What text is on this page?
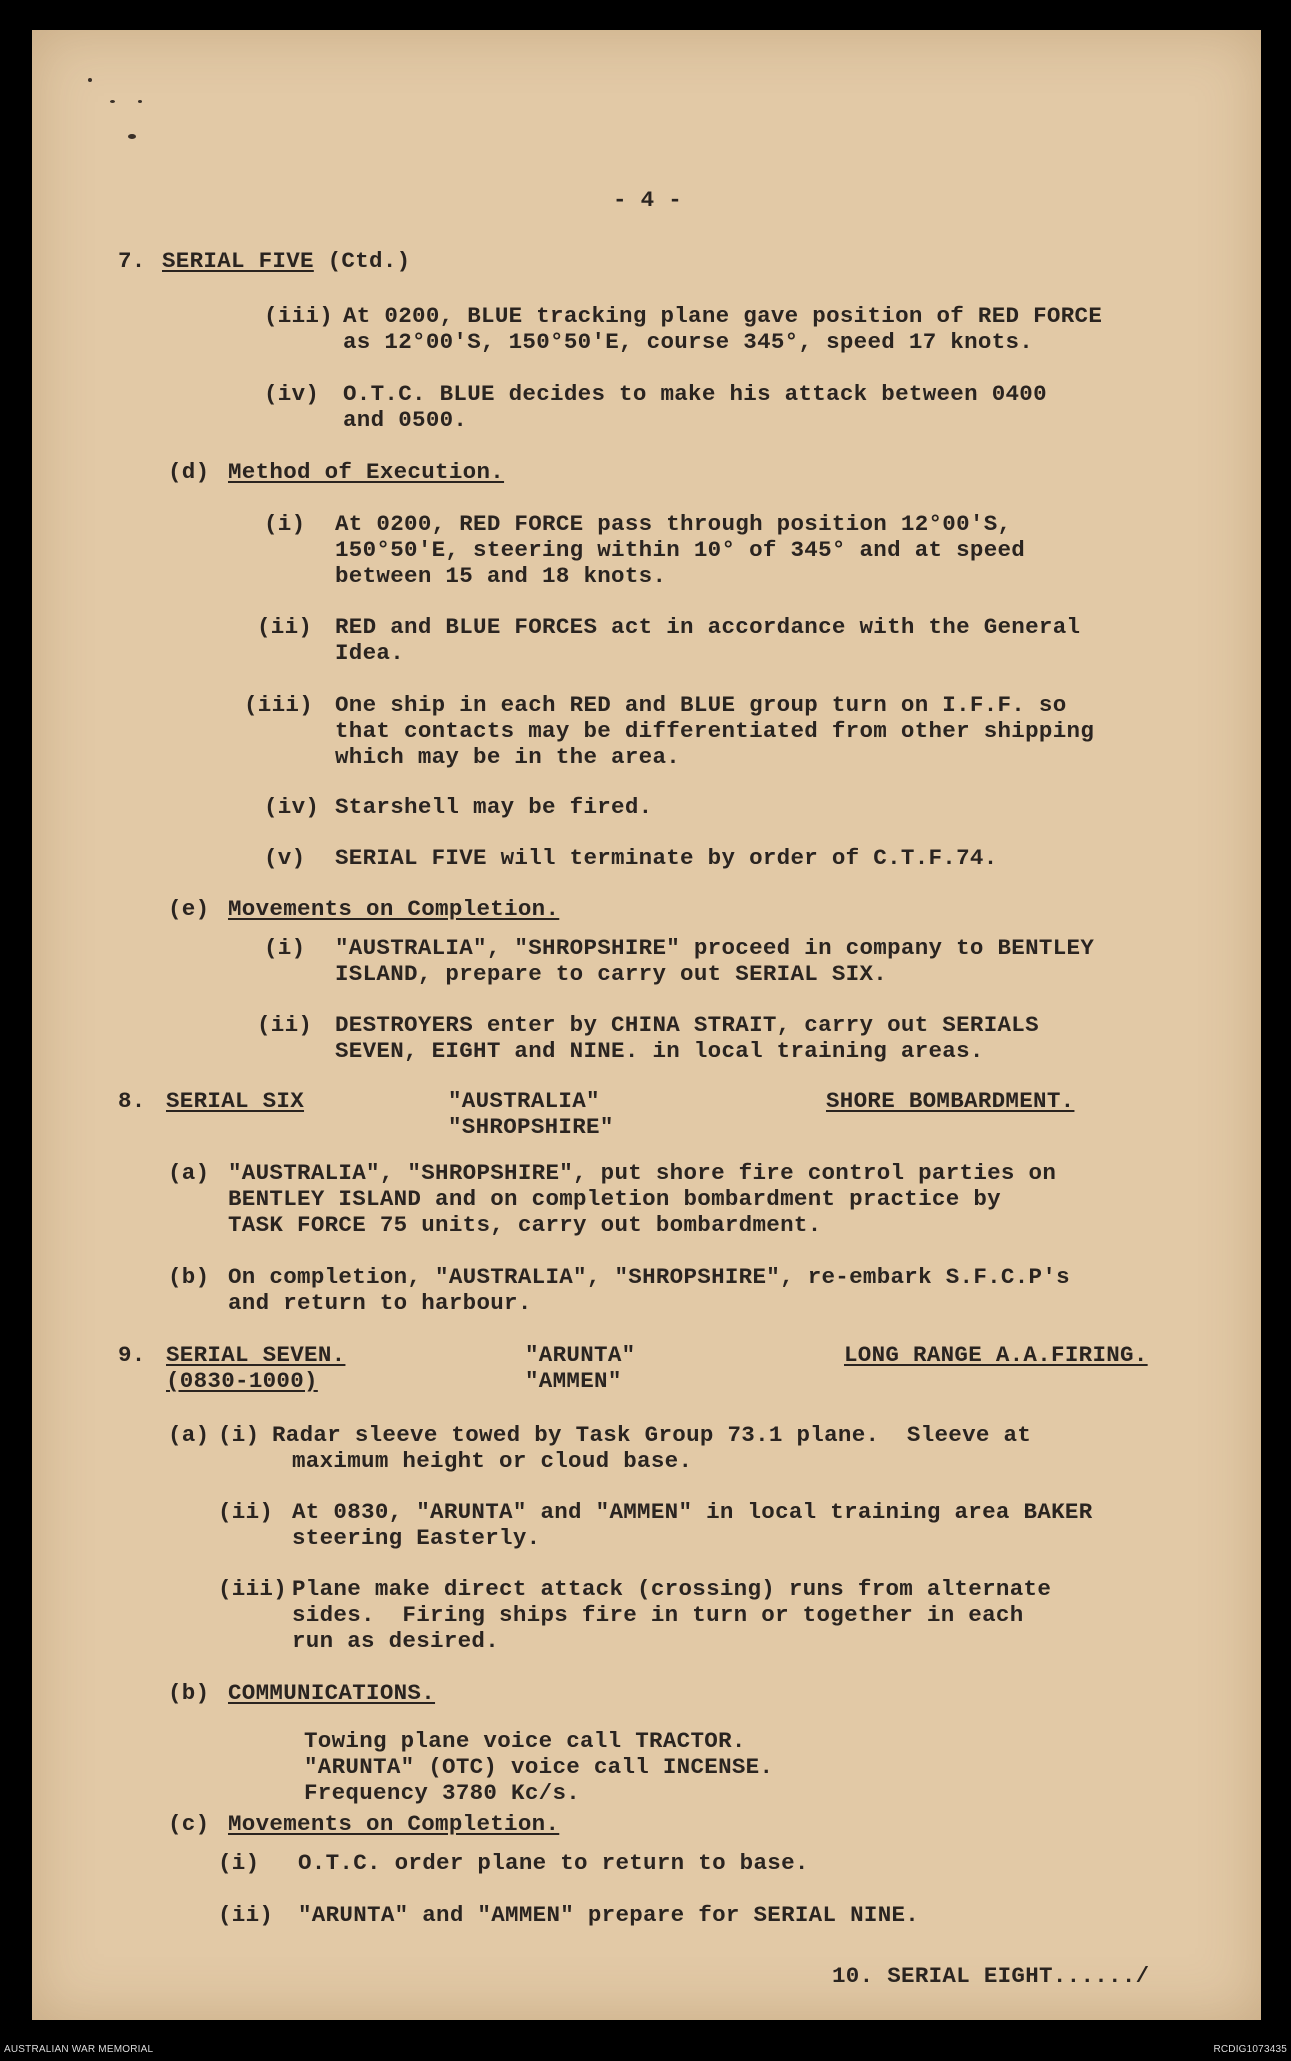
- 4 -

7. SERIAL FIVE (Ctd.)

(iii) At 0200, BLUE tracking plane gave position of RED FORCE

as 12°00'S, 150°50'E, course 345°, speed 17 knots.

(iv) O.T.C. BLUE decides to make his attack between 0400

and 0500.

(d) Method of Execution.

(i) At 0200, RED FORCE pass through position 12°00'S,

150°50'E, steering within 10° of 345° and at speed

between 15 and 18 knots.

(ii) RED and BLUE FORCES act in accordance with the General

Idea.

(iii) One ship in each RED and BLUE group turn on I.F.F. so

that contacts may be differentiated from other shipping

which may be in the area.

(iv) Starshell may be fired.

(v) SERIAL FIVE will terminate by order of C.T.F.74.

(e) Movements on Completion.

(i) "AUSTRALIA", "SHROPSHIRE" proceed in company to BENTLEY

ISLAND, prepare to carry out SERIAL SIX.

(ii) DESTROYERS enter by CHINA STRAIT, carry out SERIALS

SEVEN, EIGHT and NINE. in local training areas.

8. SERIAL SIX	"AUSTRALIA"

"SHROPSHIRE"

SHORE BOMBARDMENT.

(a) "AUSTRALIA", "SHROPSHIRE", put shore fire control parties on

BENTLEY ISLAND and on completion bombardment practice by

TASK FORCE 75 units, carry out bombardment.

(b) On completion, "AUSTRALIA", "SHROPSHIRE", re-embark S.F.C.P's

and return to harbour.

9. SERIAL SEVEN.

(0830-1000)

"ARUNTA"

"AMMEN"

LONG RANGE A.A.FIRING.

(a) (i) Radar sleeve towed by Task Group 73.1 plane.  Sleeve at

maximum height or cloud base.

(ii) At 0830, "ARUNTA" and "AMMEN" in local training area BAKER

steering Easterly.

(iii) Plane make direct attack (crossing) runs from alternate

sides.  Firing ships fire in turn or together in each

run as desired.

(b) COMMUNICATIONS.

Towing plane voice call TRACTOR.

"ARUNTA" (OTC) voice call INCENSE.

Frequency 3780 Kc/s.

(c) Movements on Completion.

(i) O.T.C. order plane to return to base.

(ii) "ARUNTA" and "AMMEN" prepare for SERIAL NINE.

10. SERIAL EIGHT....../

AUSTRALIAN WAR MEMORIAL	RCDIG1073435
